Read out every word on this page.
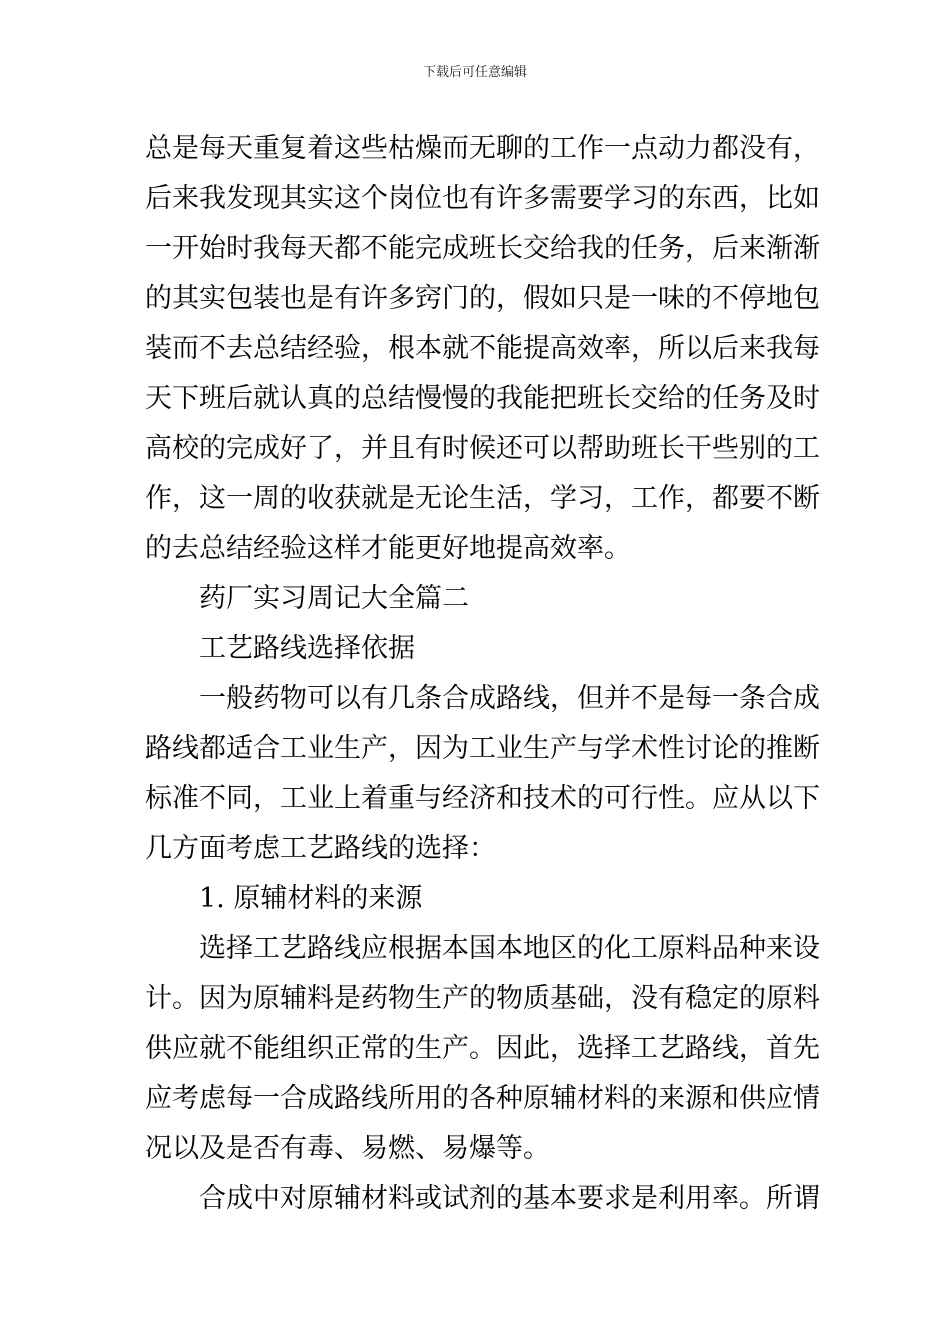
下载后可任意编辑
总是每天重复着这些枯燥而无聊的工作一点动力都没有，
后来我发现其实这个岗位也有许多需要学习的东西，比如
一开始时我每天都不能完成班长交给我的任务，后来渐渐
的其实包装也是有许多窍门的，假如只是一味的不停地包
装而不去总结经验，根本就不能提高效率，所以后来我每
天下班后就认真的总结慢慢的我能把班长交给的任务及时
高校的完成好了，并且有时候还可以帮助班长干些别的工
作，这一周的收获就是无论生活，学习，工作，都要不断
的去总结经验这样才能更好地提高效率。
药厂实习周记大全篇二
工艺路线选择依据
一般药物可以有几条合成路线，但并不是每一条合成
路线都适合工业生产，因为工业生产与学术性讨论的推断
标准不同，工业上着重与经济和技术的可行性。应从以下
几方面考虑工艺路线的选择：
1. 原辅材料的来源
选择工艺路线应根据本国本地区的化工原料品种来设
计。因为原辅料是药物生产的物质基础，没有稳定的原料
供应就不能组织正常的生产。因此，选择工艺路线，首先
应考虑每一合成路线所用的各种原辅材料的来源和供应情
况以及是否有毒、易燃、易爆等。
合成中对原辅材料或试剂的基本要求是利用率。所谓
